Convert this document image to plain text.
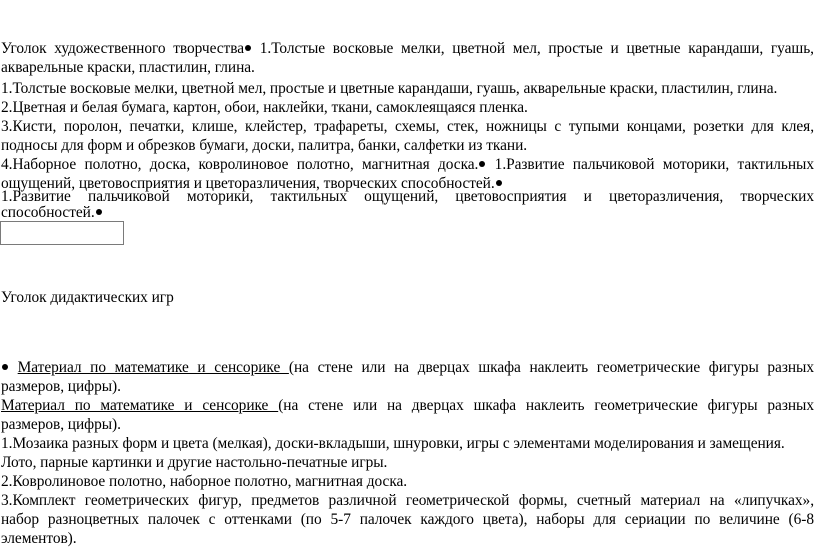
Уголок художественного творчества 1.Толстые восковые мелки, цветной мел, простые и цветные карандаши, гуашь,
акварельные краски, пластилин, глина.
1.Толстые восковые мелки, цветной мел, простые и цветные карандаши, гуашь, акварельные краски, пластилин, глина.
2.Цветная и белая бумага, картон, обои, наклейки, ткани, самоклеящаяся пленка.
3.Кисти, поролон, печатки, клише, клейстер, трафареты, схемы, стек, ножницы с тупыми концами, розетки для клея,
подносы для форм и обрезков бумаги, доски, палитра, банки, салфетки из ткани.
4.Наборное полотно, доска, ковролиновое полотно, магнитная доска. 1.Развитие пальчиковой моторики, тактильных
ощущений, цветовосприятия и цветоразличения, творческих способностей.
1.Развитие пальчиковой моторики, тактильных ощущений, цветовосприятия и цветоразличения, творческих
способностей.
Уголок дидактических игр
Материал по математике и сенсорике (на стене или на дверцах шкафа наклеить геометрические фигуры разных
размеров, цифры).
Материал по математике и сенсорике (на стене или на дверцах шкафа наклеить геометрические фигуры разных
размеров, цифры).
1.Мозаика разных форм и цвета (мелкая), доски-вкладыши, шнуровки, игры с элементами моделирования и замещения.
Лото, парные картинки и другие настольно-печатные игры.
2.Ковролиновое полотно, наборное полотно, магнитная доска.
3.Комплект геометрических фигур, предметов различной геометрической формы, счетный материал на «липучках»,
набор разноцветных палочек с оттенками (по 5-7 палочек каждого цвета), наборы для сериации по величине (6-8
элементов).
